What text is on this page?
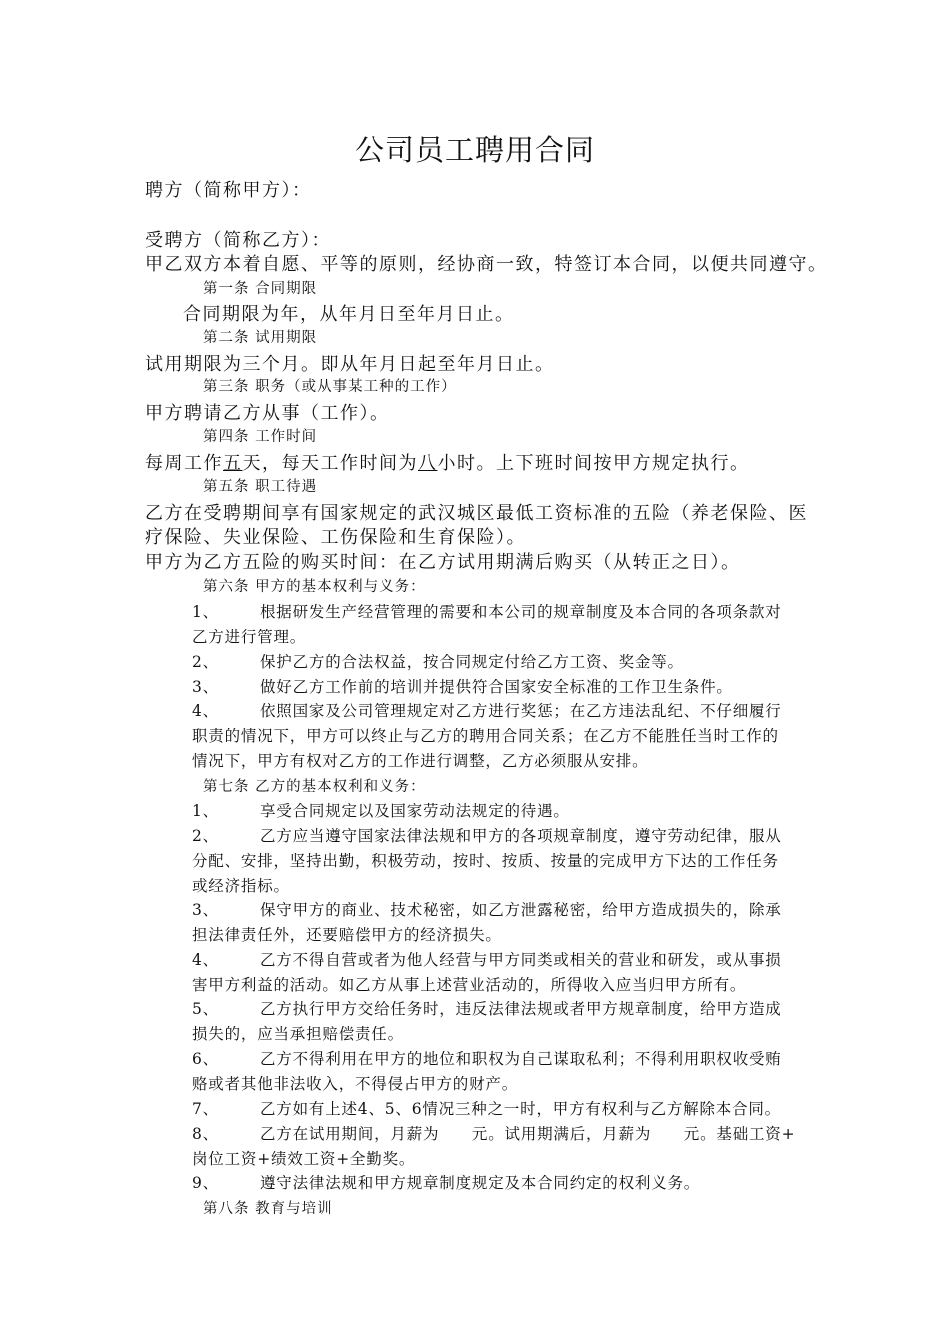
公司员工聘用合同
聘方（简称甲方）：
受聘方（简称乙方）：
甲乙双方本着自愿、平等的原则，经协商一致，特签订本合同，以便共同遵守。
第一条 合同期限
合同期限为年，从年月日至年月日止。
第二条 试用期限
试用期限为三个月。即从年月日起至年月日止。
第三条 职务（或从事某工种的工作）
甲方聘请乙方从事（工作）。
第四条 工作时间
每周工作五天，每天工作时间为八小时。上下班时间按甲方规定执行。
第五条 职工待遇
乙方在受聘期间享有国家规定的武汉城区最低工资标准的五险（养老保险、医
疗保险、失业保险、工伤保险和生育保险）。
甲方为乙方五险的购买时间：在乙方试用期满后购买（从转正之日）。
第六条 甲方的基本权利与义务：
1、	根据研发生产经营管理的需要和本公司的规章制度及本合同的各项条款对
乙方进行管理。
2、	保护乙方的合法权益，按合同规定付给乙方工资、奖金等。
3、	做好乙方工作前的培训并提供符合国家安全标准的工作卫生条件。
4、	依照国家及公司管理规定对乙方进行奖惩；在乙方违法乱纪、不仔细履行
职责的情况下，甲方可以终止与乙方的聘用合同关系；在乙方不能胜任当时工作的
情况下，甲方有权对乙方的工作进行调整，乙方必须服从安排。
第七条 乙方的基本权利和义务：
1、	享受合同规定以及国家劳动法规定的待遇。
2、	乙方应当遵守国家法律法规和甲方的各项规章制度，遵守劳动纪律，服从
分配、安排，坚持出勤，积极劳动，按时、按质、按量的完成甲方下达的工作任务
或经济指标。
3、	保守甲方的商业、技术秘密，如乙方泄露秘密，给甲方造成损失的，除承
担法律责任外，还要赔偿甲方的经济损失。
4、	乙方不得自营或者为他人经营与甲方同类或相关的营业和研发，或从事损
害甲方利益的活动。如乙方从事上述营业活动的，所得收入应当归甲方所有。
5、	乙方执行甲方交给任务时，违反法律法规或者甲方规章制度，给甲方造成
损失的，应当承担赔偿责任。
6、	乙方不得利用在甲方的地位和职权为自己谋取私利；不得利用职权收受贿
赂或者其他非法收入，不得侵占甲方的财产。
7、	乙方如有上述4、5、6情况三种之一时，甲方有权利与乙方解除本合同。
8、	乙方在试用期间，月薪为　　元。试用期满后，月薪为　　元。基础工资+
岗位工资+绩效工资+全勤奖。
9、	遵守法律法规和甲方规章制度规定及本合同约定的权利义务。
第八条 教育与培训
